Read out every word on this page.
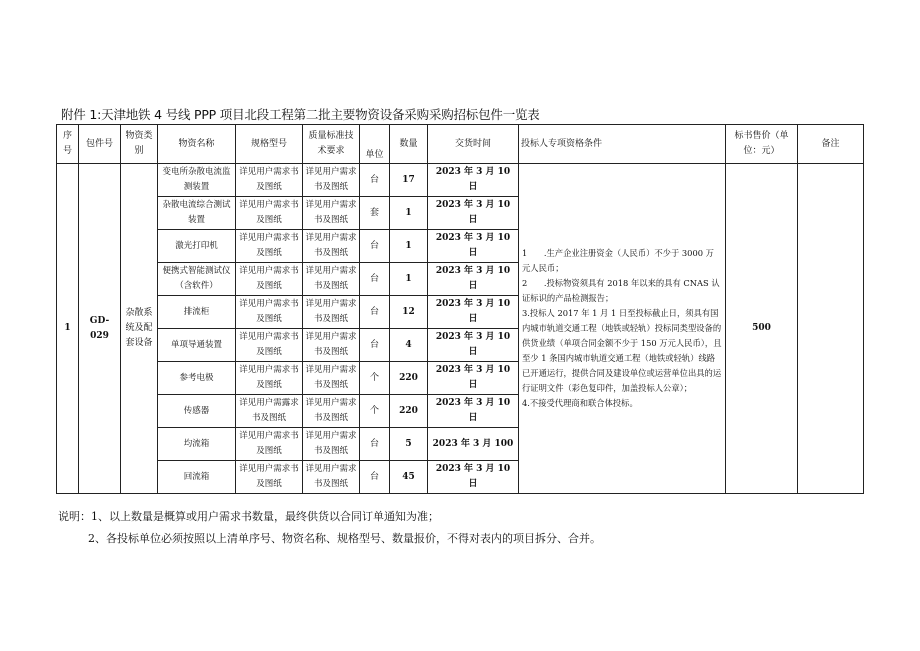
附件 1:天津地铁 4 号线 PPP 项目北段工程第二批主要物资设备采购采购招标包件一览表
序号	包件号	物资类别	物资名称	规格型号	质量标准技术要求	单位	数量	交货时间	投标人专项资格条件	标书售价（单位：元）	备注
1	GD-029	杂散系统及配套设备	变电所杂散电流监测装置	详见用户需求书及图纸	详见用户需求书及图纸	台	17	2023 年 3 月 10 日	1　　.生产企业注册资金（人民币）不少于 3000 万元人民币；
2　　.投标物资须具有 2018 年以来的具有 CNAS 认证标识的产品检测报告；
3.投标人 2017 年 1 月 1 日至投标截止日，须具有国内城市轨道交通工程（地铁或轻轨）投标同类型设备的供货业绩（单项合同金额不少于 150 万元人民币），且至少 1 条国内城市轨道交通工程（地铁或轻轨）线路已开通运行，提供合同及建设单位或运营单位出具的运行证明文件（彩色复印件，加盖投标人公章）；
4.不接受代理商和联合体投标。	500	
			杂散电流综合测试装置	详见用户需求书及图纸	详见用户需求书及图纸	套	1	2023 年 3 月 10 日			
			激光打印机	详见用户需求书及图纸	详见用户需求书及图纸	台	1	2023 年 3 月 10 日			
			便携式智能测试仪（含软件）	详见用户需求书及图纸	详见用户需求书及图纸	台	1	2023 年 3 月 10 日			
			排流柜	详见用户需求书及图纸	详见用户需求书及图纸	台	12	2023 年 3 月 10 日			
			单项导通装置	详见用户需求书及图纸	详见用户需求书及图纸	台	4	2023 年 3 月 10 日			
			参考电极	详见用户需求书及图纸	详见用户需求书及图纸	个	220	2023 年 3 月 10 日			
			传感器	详见用户需露求书及图纸	详见用户需求书及图纸	个	220	2023 年 3 月 10 日			
			均流箱	详见用户需求书及图纸	详见用户需求书及图纸	台	5	2023 年 3 月 100			
			回流箱	详见用户需求书及图纸	详见用户需求书及图纸	台	45	2023 年 3 月 10 日			
说明：1、以上数量是概算或用户需求书数量，最终供货以合同订单通知为准；
2、各投标单位必须按照以上清单序号、物资名称、规格型号、数量报价，不得对表内的项目拆分、合并。
